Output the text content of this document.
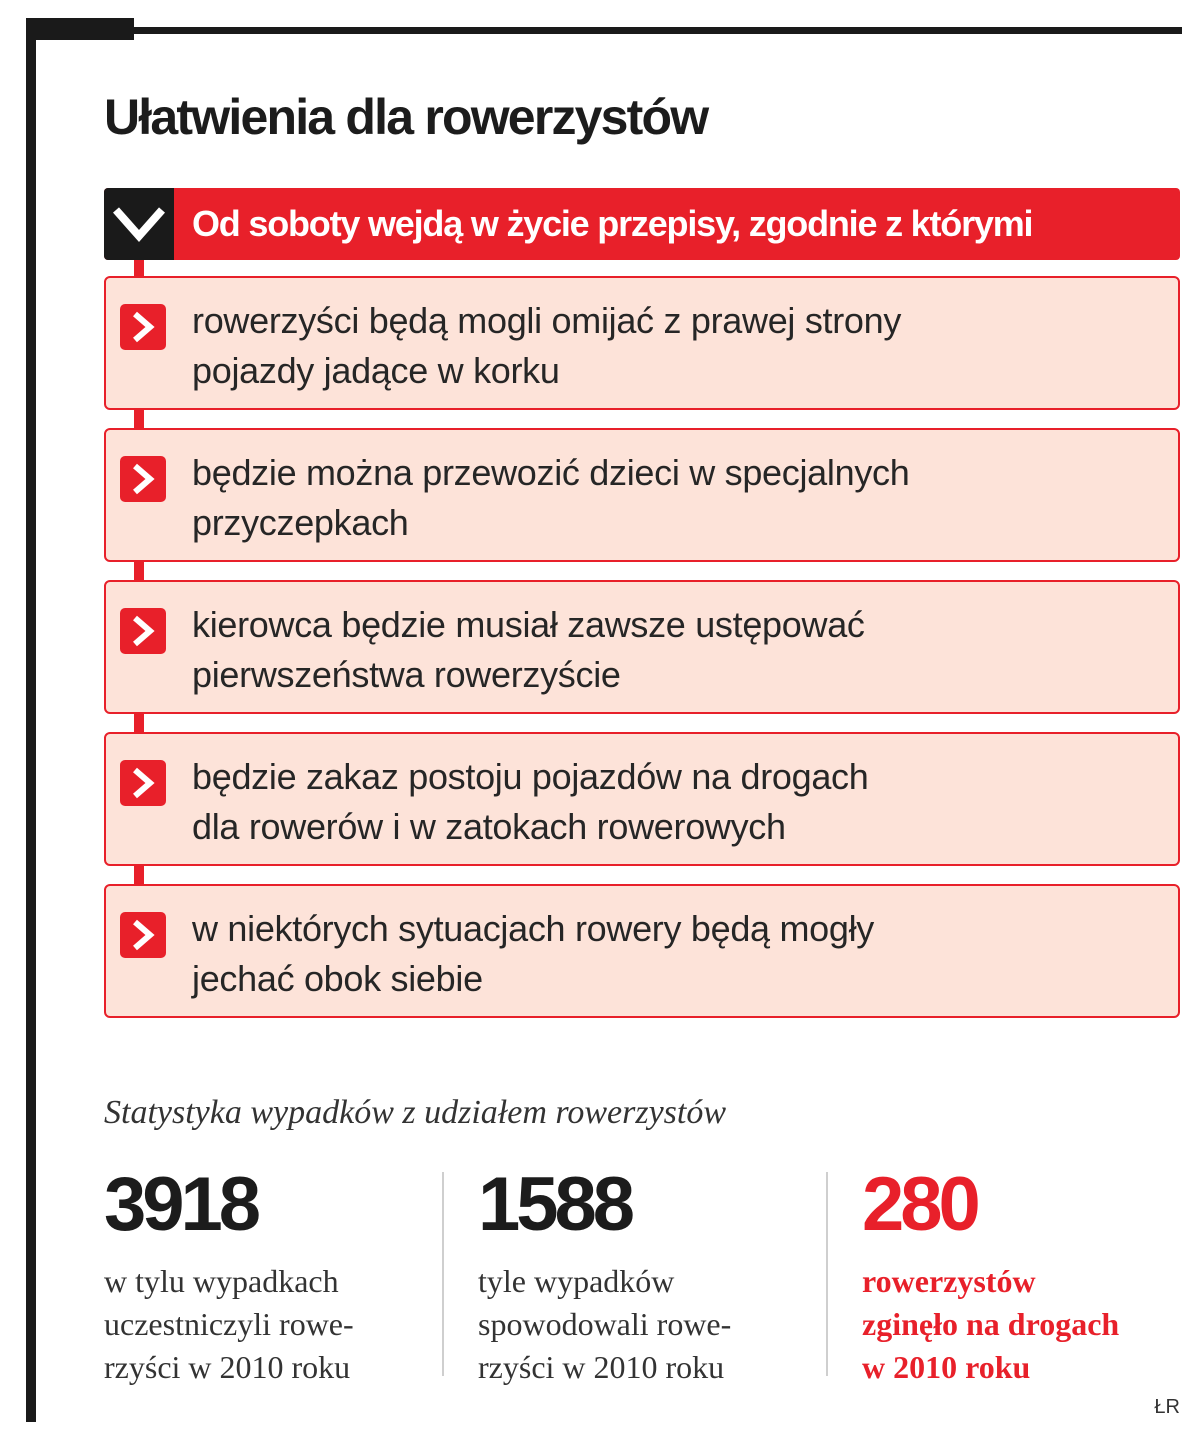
Ułatwienia dla rowerzystów
Od soboty wejdą w życie przepisy, zgodnie z którymi
rowerzyści będą mogli omijać z prawej strony
pojazdy jadące w korku
będzie można przewozić dzieci w specjalnych
przyczepkach
kierowca będzie musiał zawsze ustępować
pierwszeństwa rowerzyście
będzie zakaz postoju pojazdów na drogach
dla rowerów i w zatokach rowerowych
w niektórych sytuacjach rowery będą mogły
jechać obok siebie
Statystyka wypadków z udziałem rowerzystów
3918
w tylu wypadkach
uczestniczyli rowe-
rzyści w 2010 roku
1588
tyle wypadków
spowodowali rowe-
rzyści w 2010 roku
280
rowerzystów
zginęło na drogach
w 2010 roku
ŁR
